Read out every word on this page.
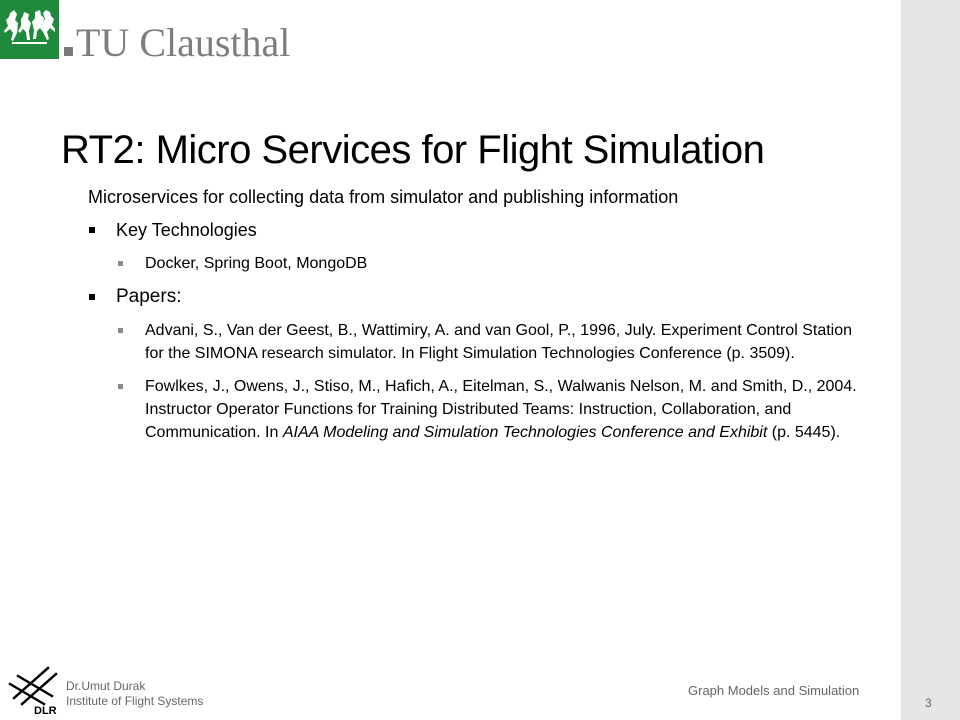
TU Clausthal
RT2: Micro Services for Flight Simulation
Microservices for collecting data from simulator and publishing information
Key Technologies
Docker, Spring Boot, MongoDB
Papers:
Advani, S., Van der Geest, B., Wattimiry, A. and van Gool, P., 1996, July. Experiment Control Station for the SIMONA research simulator. In Flight Simulation Technologies Conference (p. 3509).
Fowlkes, J., Owens, J., Stiso, M., Hafich, A., Eitelman, S., Walwanis Nelson, M. and Smith, D., 2004. Instructor Operator Functions for Training Distributed Teams: Instruction, Collaboration, and Communication. In AIAA Modeling and Simulation Technologies Conference and Exhibit (p. 5445).
DLR
Dr.Umut Durak
Institute of Flight Systems
Graph Models and Simulation
3
